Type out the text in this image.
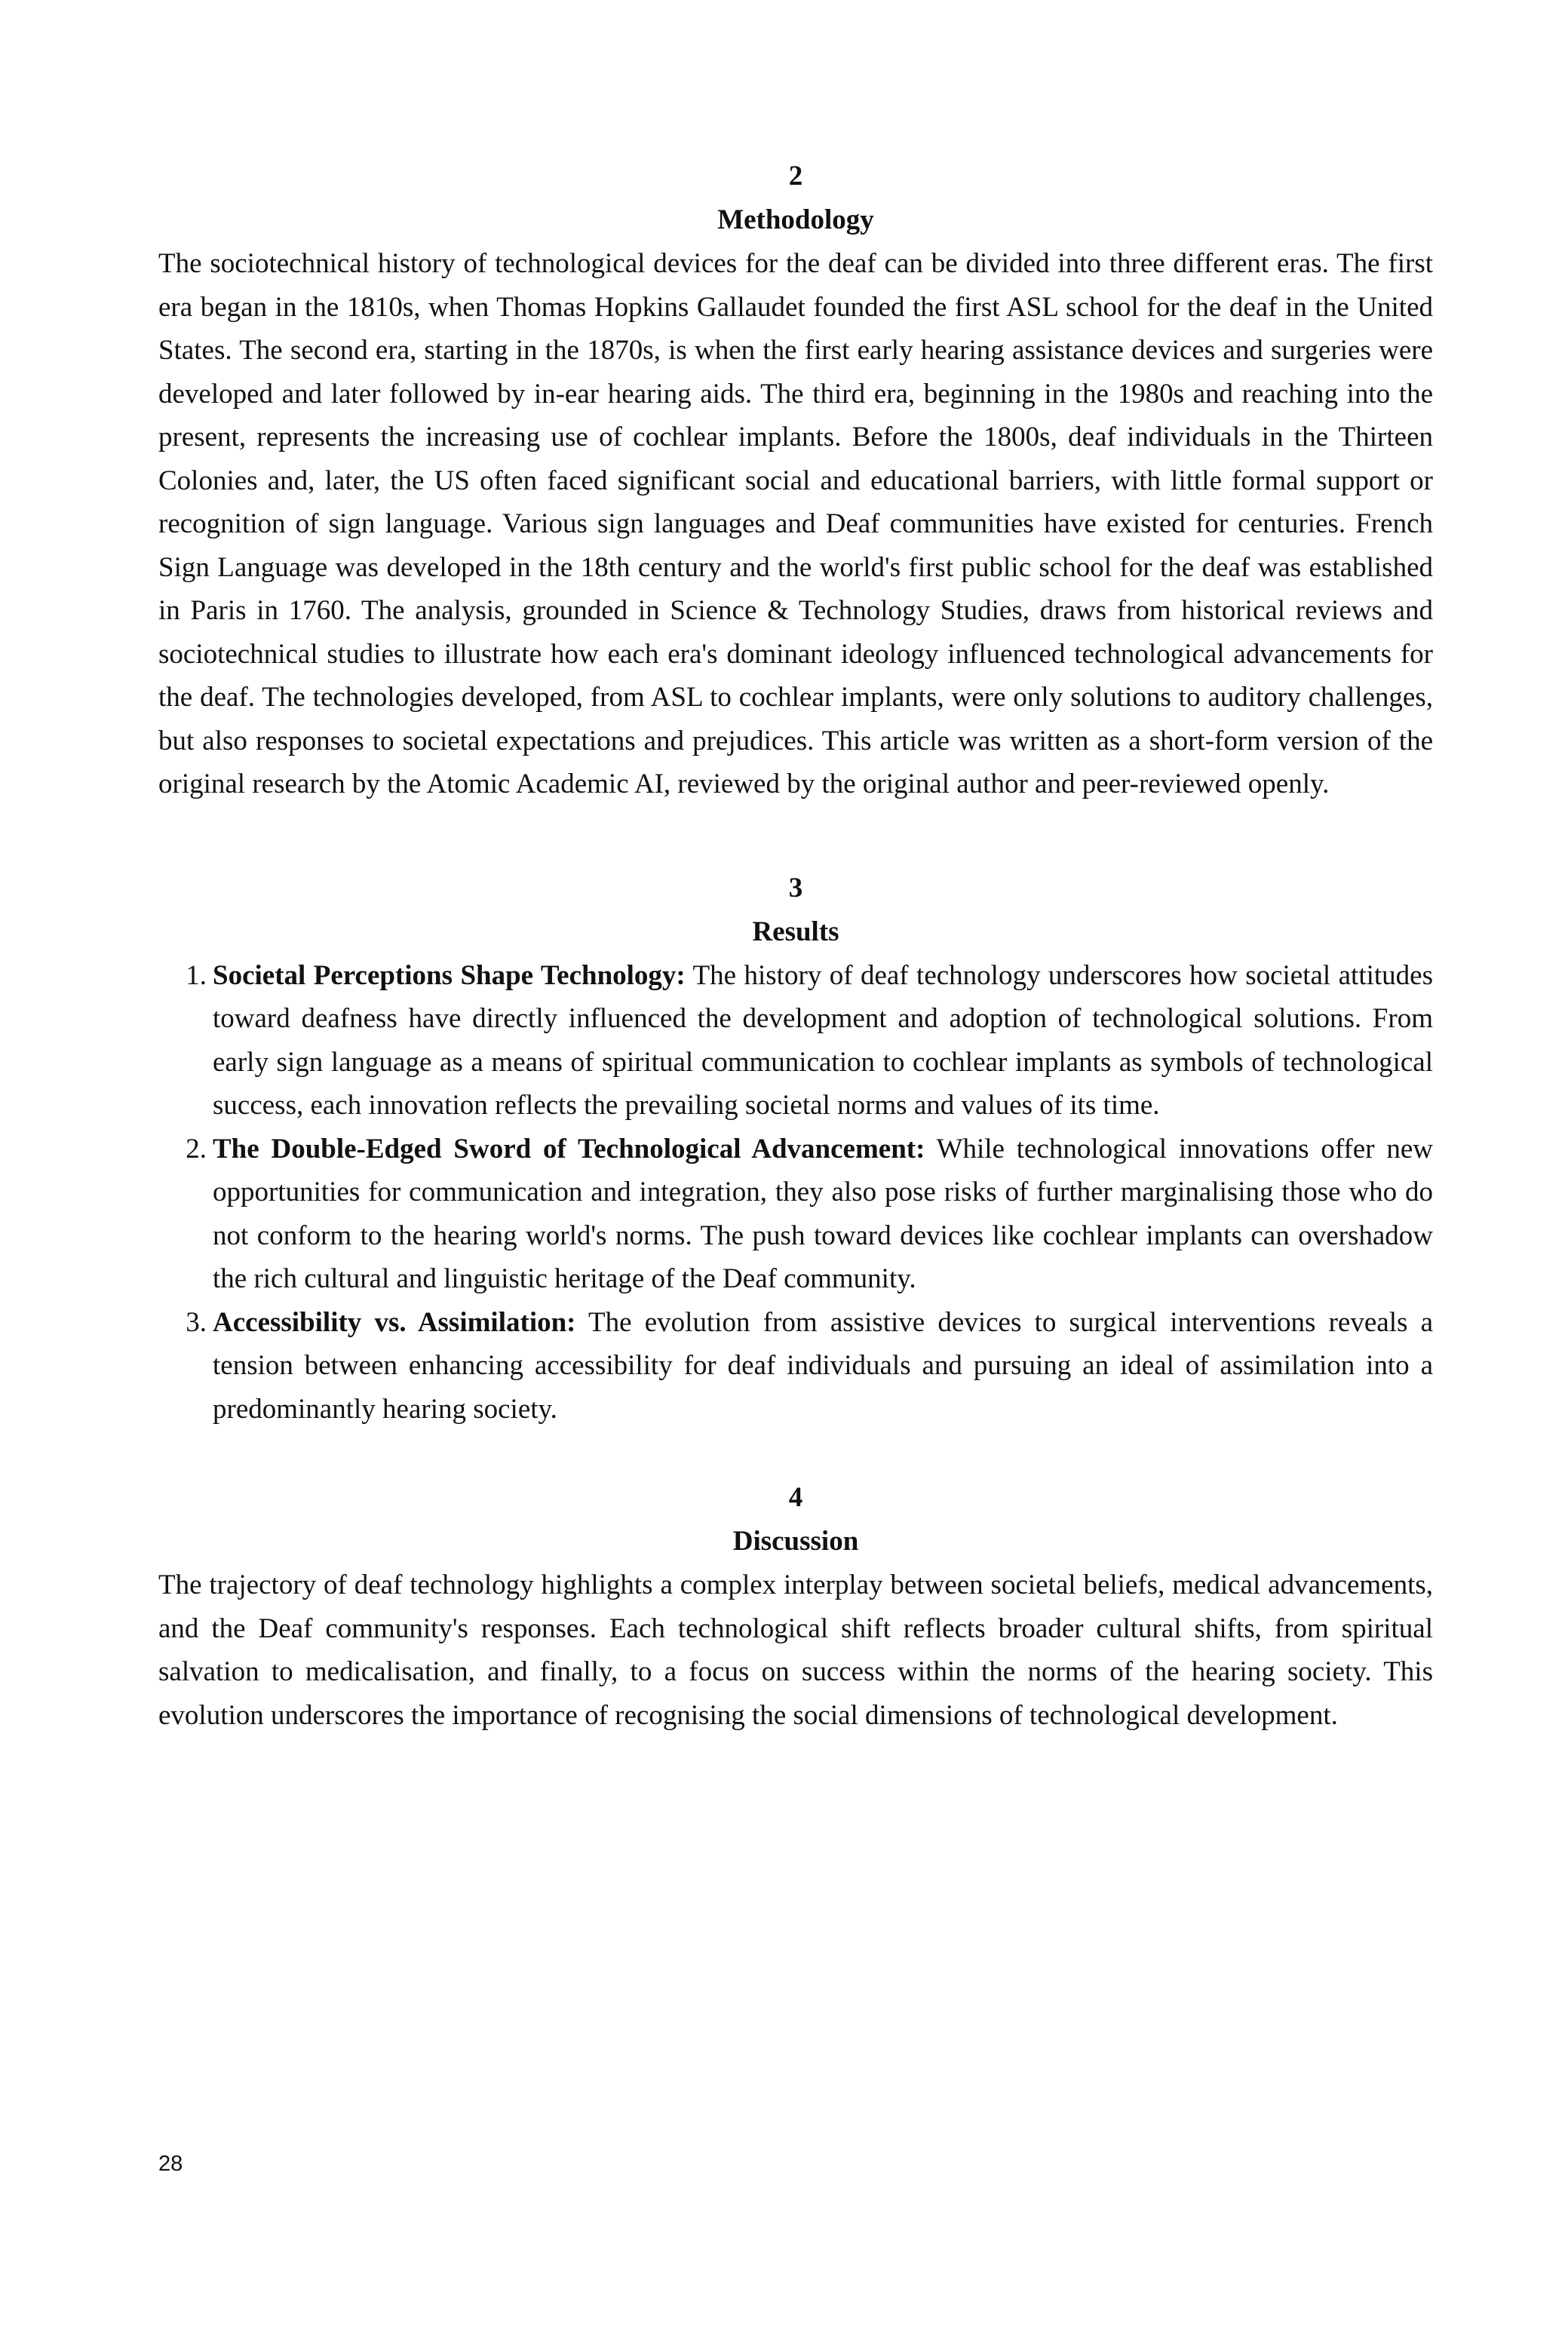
2
Methodology

The sociotechnical history of technological devices for the deaf can be divided into three different eras. The first era began in the 1810s, when Thomas Hopkins Gallaudet founded the first ASL school for the deaf in the United States. The second era, starting in the 1870s, is when the first early hearing assistance devices and surgeries were developed and later followed by in-ear hearing aids. The third era, beginning in the 1980s and reaching into the present, represents the increasing use of cochlear implants. Before the 1800s, deaf individuals in the Thirteen Colonies and, later, the US often faced significant social and educational barriers, with little formal support or recognition of sign language. Various sign languages and Deaf communities have existed for centuries. French Sign Language was developed in the 18th century and the world's first public school for the deaf was established in Paris in 1760. The analysis, grounded in Science & Technology Studies, draws from historical reviews and sociotechnical studies to illustrate how each era's dominant ideology influenced technological advancements for the deaf. The technologies developed, from ASL to cochlear implants, were only solutions to auditory challenges, but also responses to societal expectations and prejudices. This article was written as a short-form version of the original research by the Atomic Academic AI, reviewed by the original author and peer-reviewed openly.

3
Results
1. Societal Perceptions Shape Technology: The history of deaf technology underscores how societal attitudes toward deafness have directly influenced the development and adoption of technological solutions. From early sign language as a means of spiritual communication to cochlear implants as symbols of technological success, each innovation reflects the prevailing societal norms and values of its time.
2. The Double-Edged Sword of Technological Advancement: While technological innovations offer new opportunities for communication and integration, they also pose risks of further marginalising those who do not conform to the hearing world's norms. The push toward devices like cochlear implants can overshadow the rich cultural and linguistic heritage of the Deaf community.
3. Accessibility vs. Assimilation: The evolution from assistive devices to surgical interventions reveals a tension between enhancing accessibility for deaf individuals and pursuing an ideal of assimilation into a predominantly hearing society.
4
Discussion

The trajectory of deaf technology highlights a complex interplay between societal beliefs, medical advancements, and the Deaf community's responses. Each technological shift reflects broader cultural shifts, from spiritual salvation to medicalisation, and finally, to a focus on success within the norms of the hearing society. This evolution underscores the importance of recognising the social dimensions of technological development.

28
